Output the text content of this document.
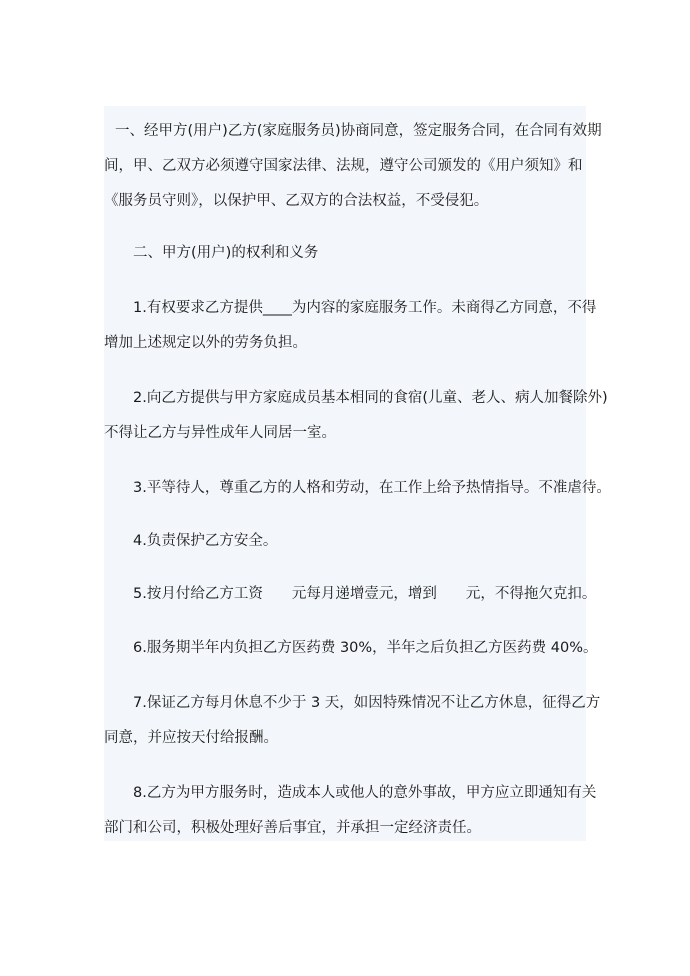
一、经甲方(用户)乙方(家庭服务员)协商同意，签定服务合同，在合同有效期
间，甲、乙双方必须遵守国家法律、法规，遵守公司颁发的《用户须知》和
《服务员守则》，以保护甲、乙双方的合法权益，不受侵犯。
二、甲方(用户)的权利和义务
1.有权要求乙方提供____为内容的家庭服务工作。未商得乙方同意，不得
增加上述规定以外的劳务负担。
2.向乙方提供与甲方家庭成员基本相同的食宿(儿童、老人、病人加餐除外)
不得让乙方与异性成年人同居一室。
3.平等待人，尊重乙方的人格和劳动，在工作上给予热情指导。不准虐待。
4.负责保护乙方安全。
5.按月付给乙方工资　　元每月递增壹元，增到　　元，不得拖欠克扣。
6.服务期半年内负担乙方医药费 30%，半年之后负担乙方医药费 40%。
7.保证乙方每月休息不少于 3 天，如因特殊情况不让乙方休息，征得乙方
同意，并应按天付给报酬。
8.乙方为甲方服务时，造成本人或他人的意外事故，甲方应立即通知有关
部门和公司，积极处理好善后事宜，并承担一定经济责任。
